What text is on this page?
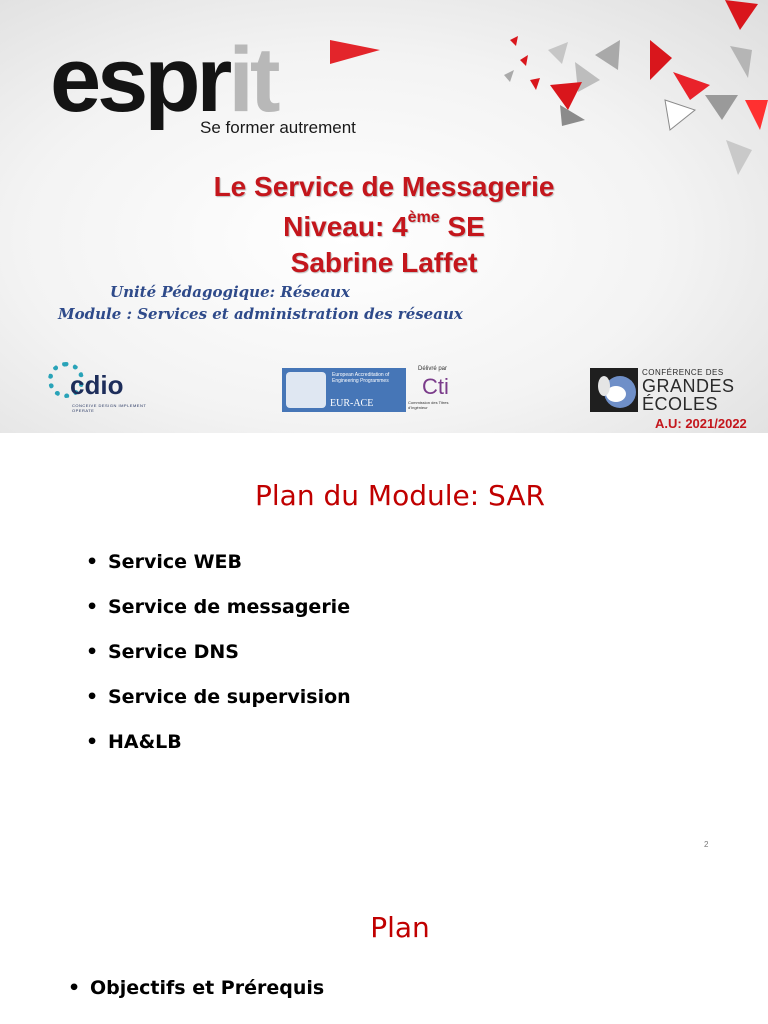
esprit
Se former autrement
Le Service de Messagerie
Niveau: 4ème SE
Sabrine Laffet
Unité Pédagogique: Réseaux
Module : Services et administration des réseaux
cdio
CONCEIVE DESIGN IMPLEMENT OPERATE
European Accreditation of Engineering Programmes
EUR-ACE
Délivré par
Cti
Commission des Titres d'Ingénieur
CONFÉRENCE DES
GRANDES
ÉCOLES
A.U: 2021/2022
Plan du Module: SAR
• Service WEB
• Service de messagerie
• Service DNS
• Service de supervision
• HA&LB
2
Plan
• Objectifs et Prérequis
